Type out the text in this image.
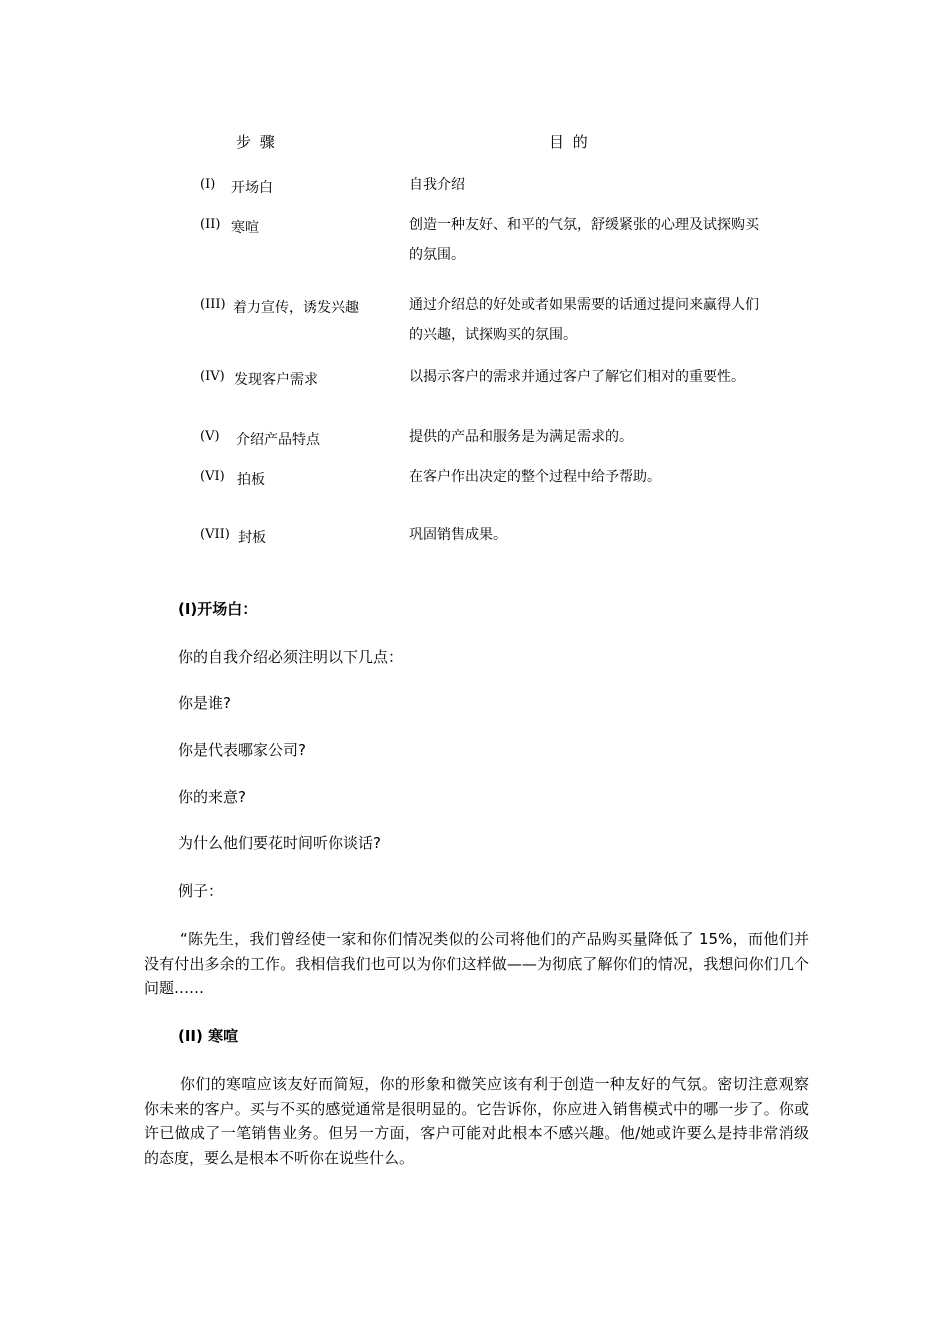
步 骤	目 的
(I) 开场白	自我介绍
(II) 寒喧	创造一种友好、和平的气氛，舒缓紧张的心理及试探购买的氛围。
(III) 着力宣传，诱发兴趣	通过介绍总的好处或者如果需要的话通过提问来赢得人们的兴趣，试探购买的氛围。
(IV) 发现客户需求	以揭示客户的需求并通过客户了解它们相对的重要性。
(V) 介绍产品特点	提供的产品和服务是为满足需求的。
(VI) 拍板	在客户作出决定的整个过程中给予帮助。
(VII) 封板	巩固销售成果。
(I)开场白：
你的自我介绍必须注明以下几点：
你是谁?
你是代表哪家公司?
你的来意?
为什么他们要花时间听你谈话?
例子：
“陈先生，我们曾经使一家和你们情况类似的公司将他们的产品购买量降低了 15%，而他们并没有付出多余的工作。我相信我们也可以为你们这样做——为彻底了解你们的情况，我想问你们几个问题……
(II) 寒喧
你们的寒喧应该友好而简短，你的形象和微笑应该有利于创造一种友好的气氛。密切注意观察你未来的客户。买与不买的感觉通常是很明显的。它告诉你，你应进入销售模式中的哪一步了。你或许已做成了一笔销售业务。但另一方面，客户可能对此根本不感兴趣。他/她或许要么是持非常消级的态度，要么是根本不听你在说些什么。
